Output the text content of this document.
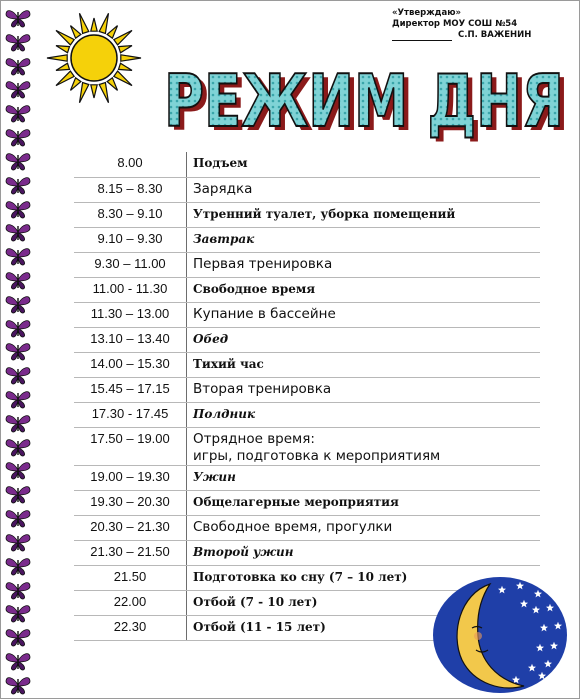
«Утверждаю»
Директор МОУ СОШ №54
С.П. ВАЖЕНИН
РЕЖИМ ДНЯ
РЕЖИМ ДНЯ
8.00	Подъем
8.15 – 8.30	Зарядка
8.30 – 9.10	Утренний туалет, уборка помещений
9.10 – 9.30	Завтрак
9.30 – 11.00	Первая тренировка
11.00 - 11.30	Свободное время
11.30 – 13.00	Купание в бассейне
13.10 – 13.40	Обед
14.00 – 15.30	Тихий час
15.45 – 17.15	Вторая тренировка
17.30 - 17.45	Полдник
17.50 – 19.00	Отрядное время:
игры, подготовка к мероприятиям
19.00 – 19.30	Ужин
19.30 – 20.30	Общелагерные мероприятия
20.30 – 21.30	Свободное время, прогулки
21.30 – 21.50	Второй ужин
21.50	Подготовка ко сну (7 – 10 лет)
22.00	Отбой (7 - 10 лет)
22.30	Отбой (11 - 15 лет)
